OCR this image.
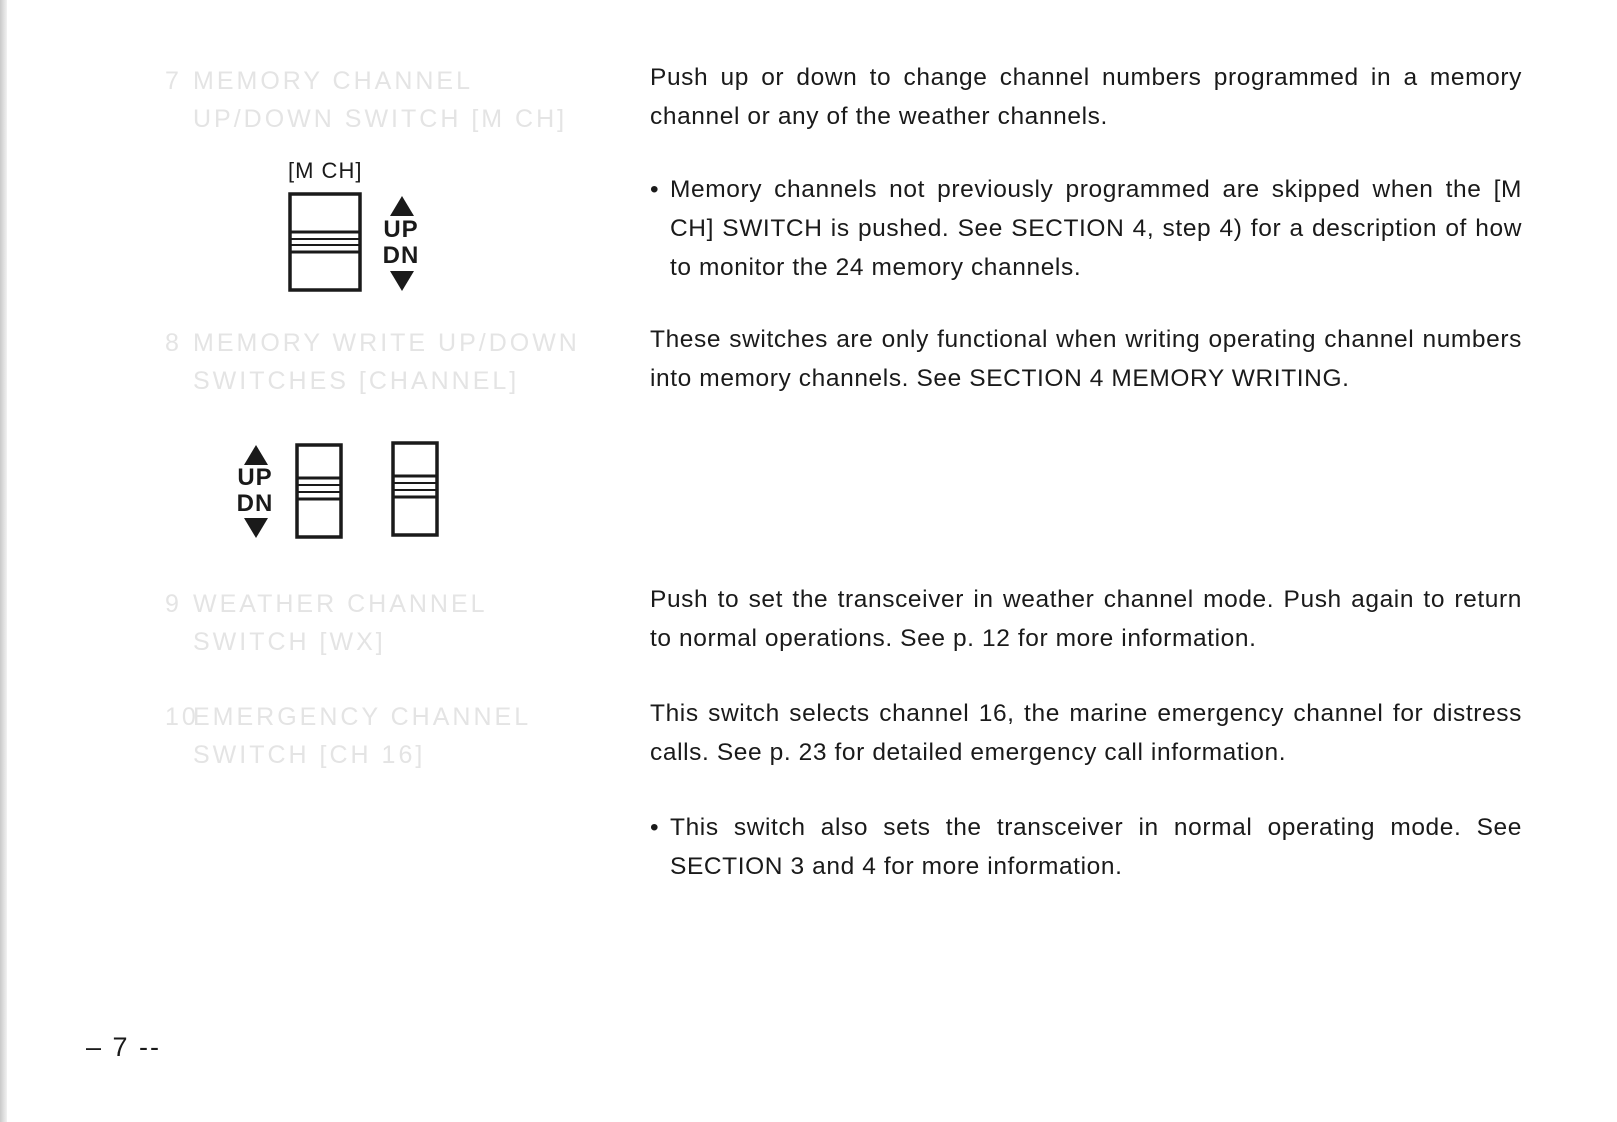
7 MEMORY CHANNEL
UP/DOWN SWITCH [M CH]
Push up or down to change channel numbers programmed in a memory channel or any of the weather channels.
• Memory channels not previously programmed are skipped when the [M CH] SWITCH is pushed. See SECTION 4, step 4) for a description of how to monitor the 24 memory channels.
[M CH]
UP
DN
8 MEMORY WRITE UP/DOWN
SWITCHES [CHANNEL]
These switches are only functional when writing operating channel numbers into memory channels. See SECTION 4 MEMORY WRITING.
UP
DN
9 WEATHER CHANNEL
SWITCH [WX]
Push to set the transceiver in weather channel mode. Push again to return to normal operations. See p. 12 for more information.
10EMERGENCY CHANNEL
SWITCH [CH 16]
This switch selects channel 16, the marine emergency channel for distress calls. See p. 23 for detailed emergency call information.
• This switch also sets the transceiver in normal operating mode. See SECTION 3 and 4 for more information.
– 7 --
